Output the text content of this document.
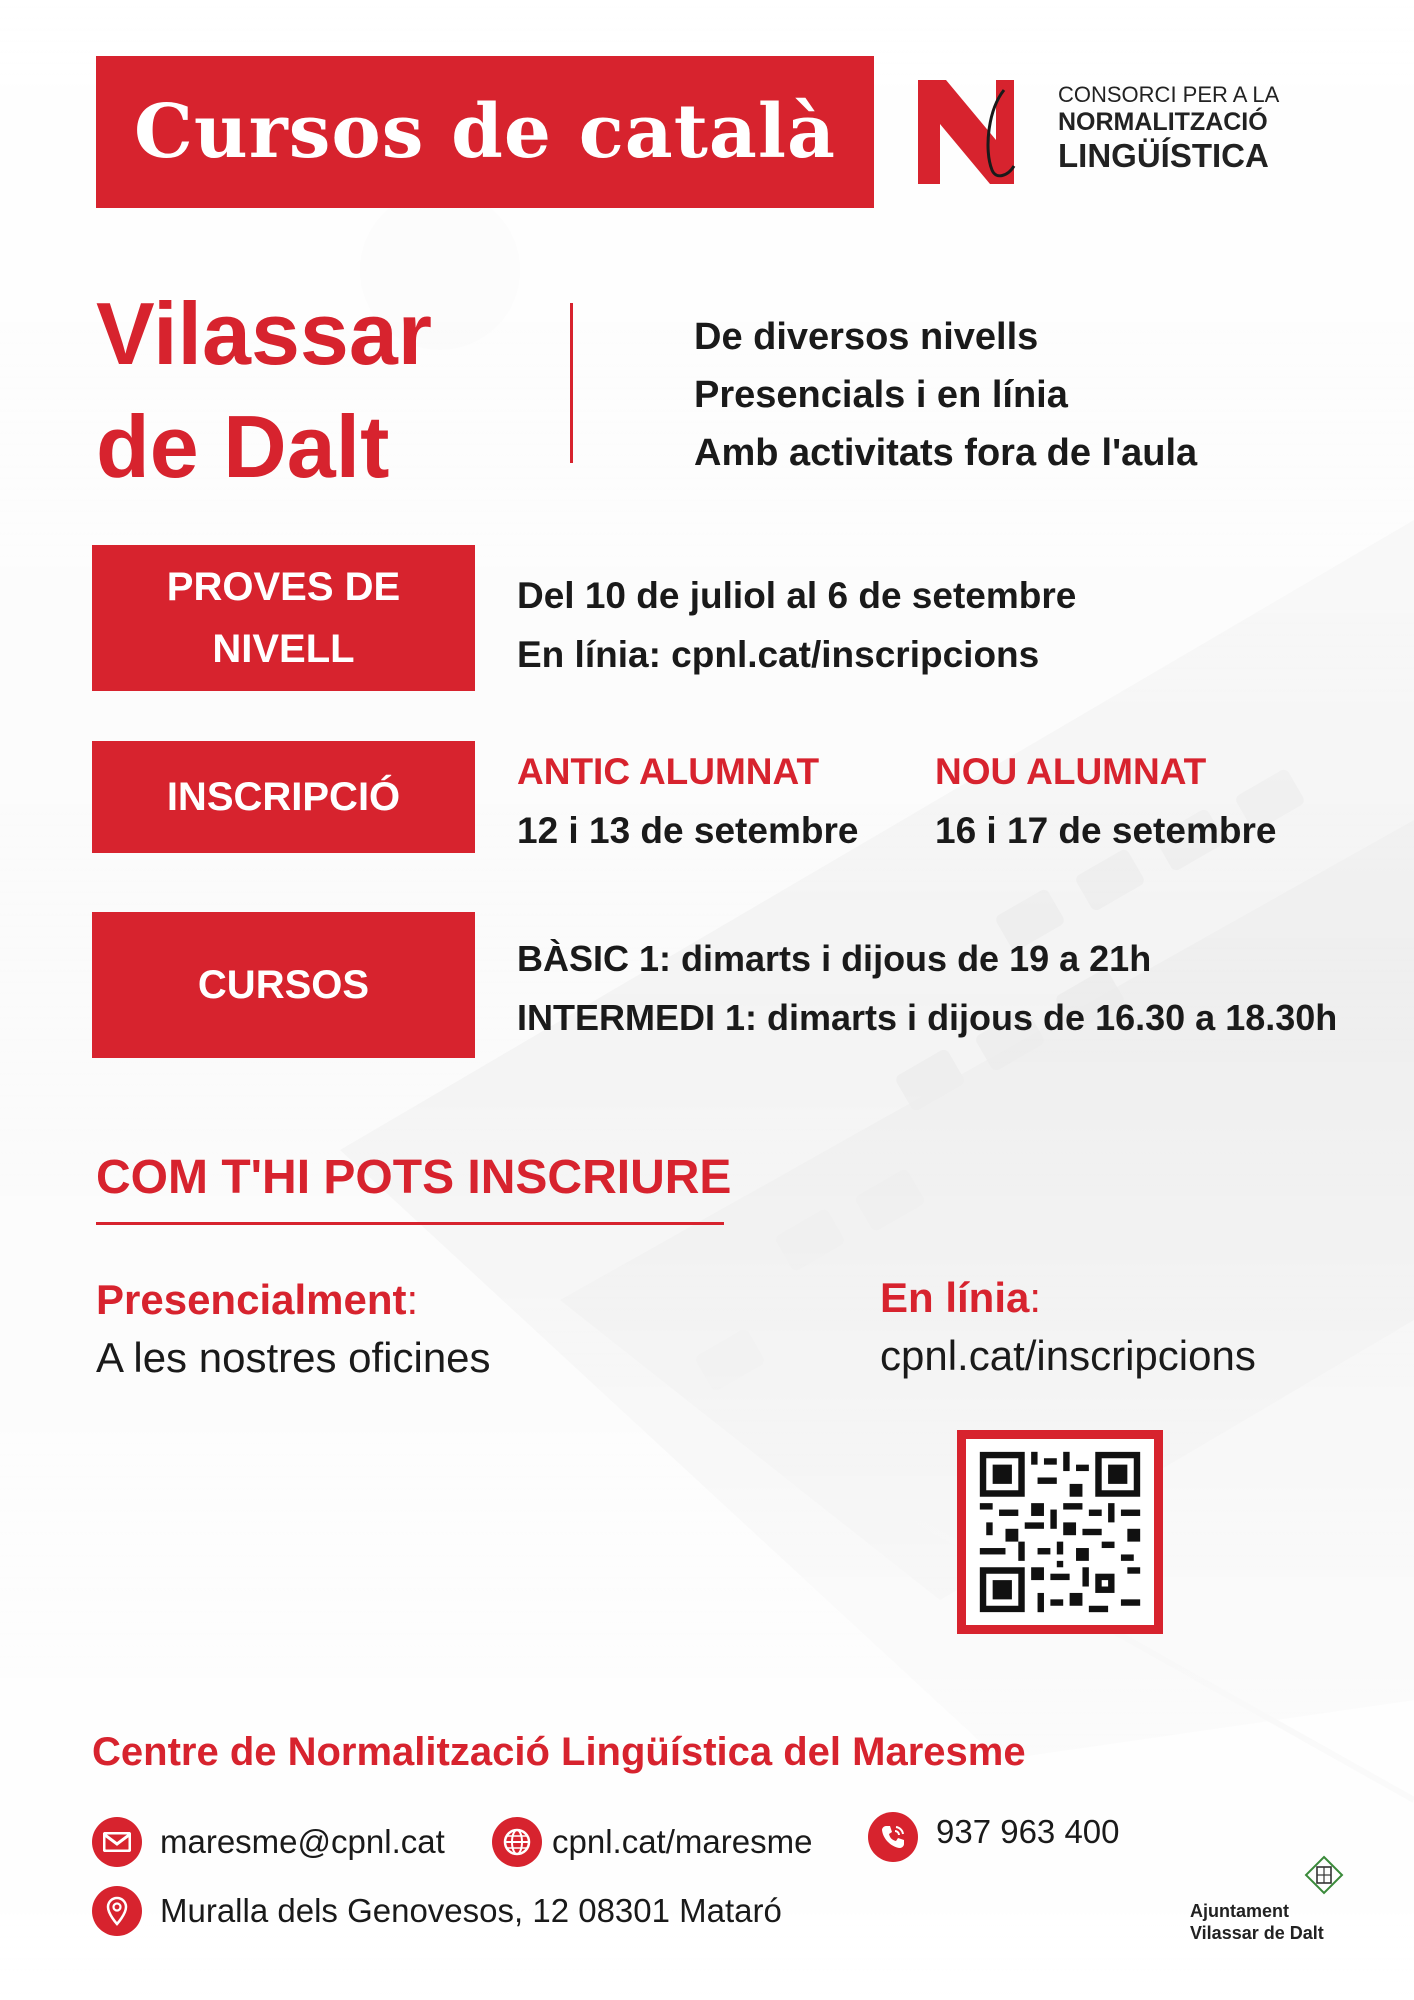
Cursos de català	CONSORCI PER A LA
NORMALITZACIÓ
LINGÜÍSTICA
Vilassar
de Dalt
De diversos nivells
Presencials i en línia
Amb activitats fora de l'aula
PROVES DE
NIVELL
Del 10 de juliol al 6 de setembre
En línia: cpnl.cat/inscripcions
INSCRIPCIÓ
ANTIC ALUMNAT
12 i 13 de setembre
NOU ALUMNAT
16 i 17 de setembre
CURSOS
BÀSIC 1: dimarts i dijous de 19 a 21h
INTERMEDI 1: dimarts i dijous de 16.30 a 18.30h
COM T'HI POTS INSCRIURE
Presencialment:
A les nostres oficines
En línia:
cpnl.cat/inscripcions
Centre de Normalització Lingüística del Maresme
maresme@cpnl.cat	cpnl.cat/maresme	937 963 400
Muralla dels Genovesos, 12 08301 Mataró	Ajuntament
Vilassar de Dalt
